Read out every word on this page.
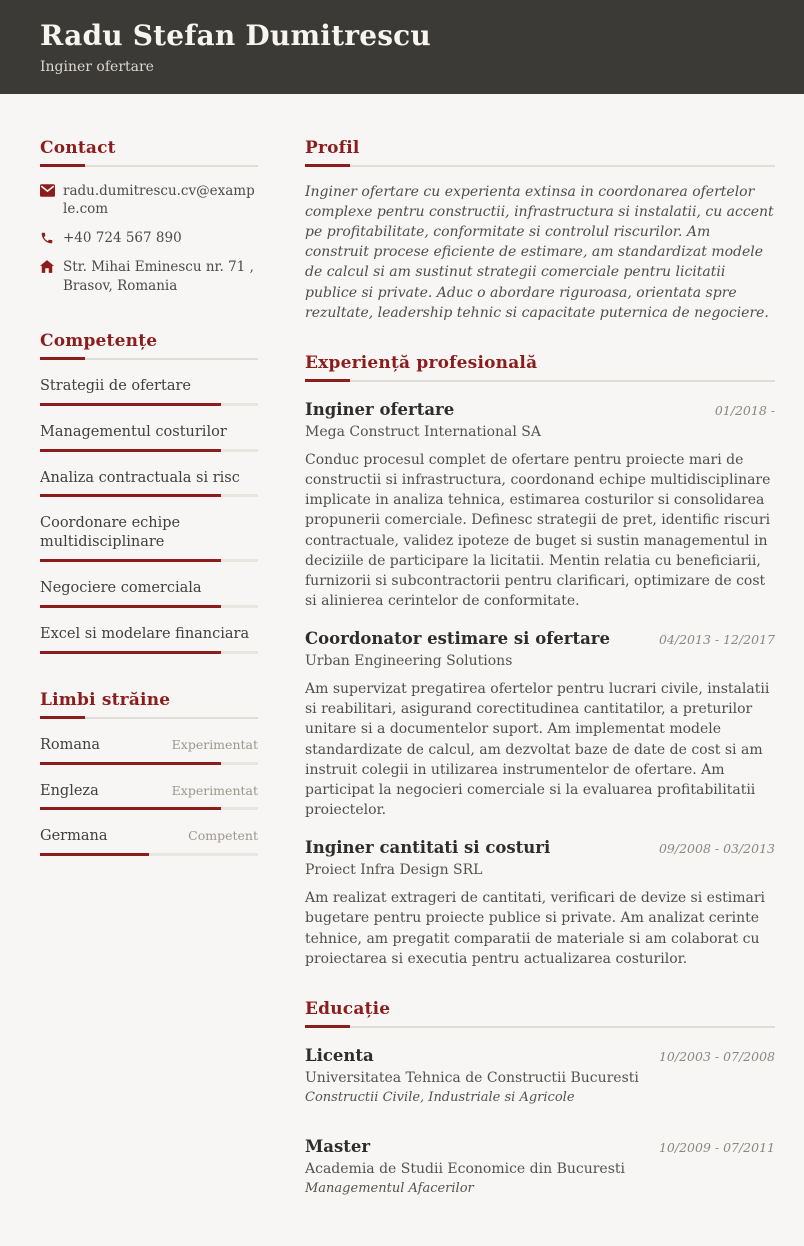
Radu Stefan Dumitrescu
Inginer ofertare
Contact
radu.dumitrescu.cv@example.com
+40 724 567 890
Str. Mihai Eminescu nr. 71 , Brasov, Romania
Competențe
Strategii de ofertare
Managementul costurilor
Analiza contractuala si risc
Coordonare echipe multidisciplinare
Negociere comerciala
Excel si modelare financiara
Limbi străine
Romana	Experimentat
Engleza	Experimentat
Germana	Competent
Profil

Inginer ofertare cu experienta extinsa in coordonarea ofertelor complexe pentru constructii, infrastructura si instalatii, cu accent pe profitabilitate, conformitate si controlul riscurilor. Am construit procese eficiente de estimare, am standardizat modele de calcul si am sustinut strategii comerciale pentru licitatii publice si private. Aduc o abordare riguroasa, orientata spre rezultate, leadership tehnic si capacitate puternica de negociere.

Experiență profesională
Inginer ofertare	01/2018 -
Mega Construct International SA

Conduc procesul complet de ofertare pentru proiecte mari de constructii si infrastructura, coordonand echipe multidisciplinare implicate in analiza tehnica, estimarea costurilor si consolidarea propunerii comerciale. Definesc strategii de pret, identific riscuri contractuale, validez ipoteze de buget si sustin managementul in deciziile de participare la licitatii. Mentin relatia cu beneficiarii, furnizorii si subcontractorii pentru clarificari, optimizare de cost si alinierea cerintelor de conformitate.

Coordonator estimare si ofertare	04/2013 - 12/2017
Urban Engineering Solutions

Am supervizat pregatirea ofertelor pentru lucrari civile, instalatii si reabilitari, asigurand corectitudinea cantitatilor, a preturilor unitare si a documentelor suport. Am implementat modele standardizate de calcul, am dezvoltat baze de date de cost si am instruit colegii in utilizarea instrumentelor de ofertare. Am participat la negocieri comerciale si la evaluarea profitabilitatii proiectelor.

Inginer cantitati si costuri	09/2008 - 03/2013
Proiect Infra Design SRL

Am realizat extrageri de cantitati, verificari de devize si estimari bugetare pentru proiecte publice si private. Am analizat cerinte tehnice, am pregatit comparatii de materiale si am colaborat cu proiectarea si executia pentru actualizarea costurilor.

Educație
Licenta	10/2003 - 07/2008
Universitatea Tehnica de Constructii Bucuresti
Constructii Civile, Industriale si Agricole
Master	10/2009 - 07/2011
Academia de Studii Economice din Bucuresti
Managementul Afacerilor
